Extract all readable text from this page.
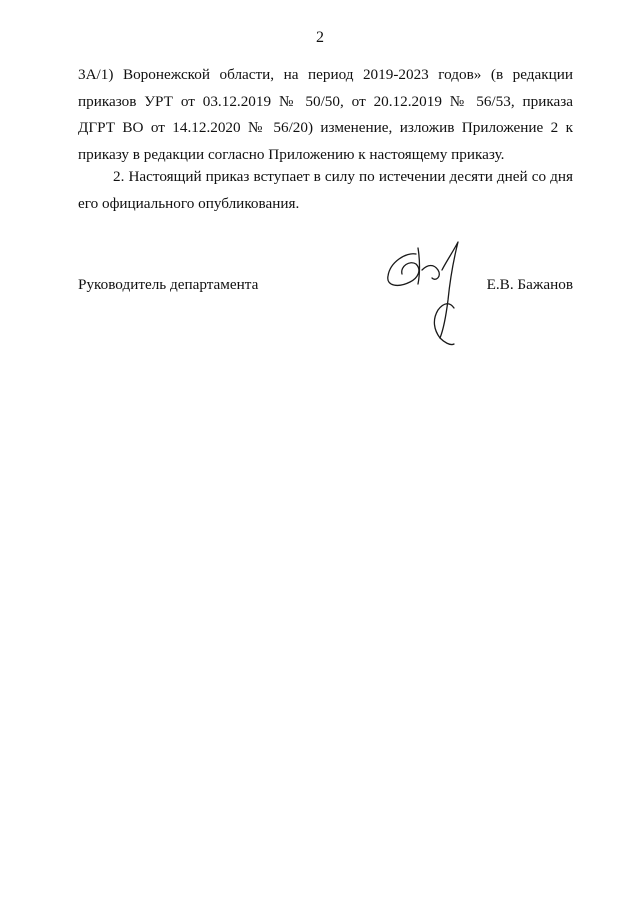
2
3А/1) Воронежской области, на период 2019-2023 годов» (в редакции
приказов УРТ от 03.12.2019 № 50/50, от 20.12.2019 № 56/53, приказа
ДГРТ ВО от 14.12.2020 № 56/20) изменение, изложив Приложение 2 к
приказу в редакции согласно Приложению к настоящему приказу.
2. Настоящий приказ вступает в силу по истечении десяти дней со дня
его официального опубликования.
Руководитель департамента	Е.В. Бажанов
